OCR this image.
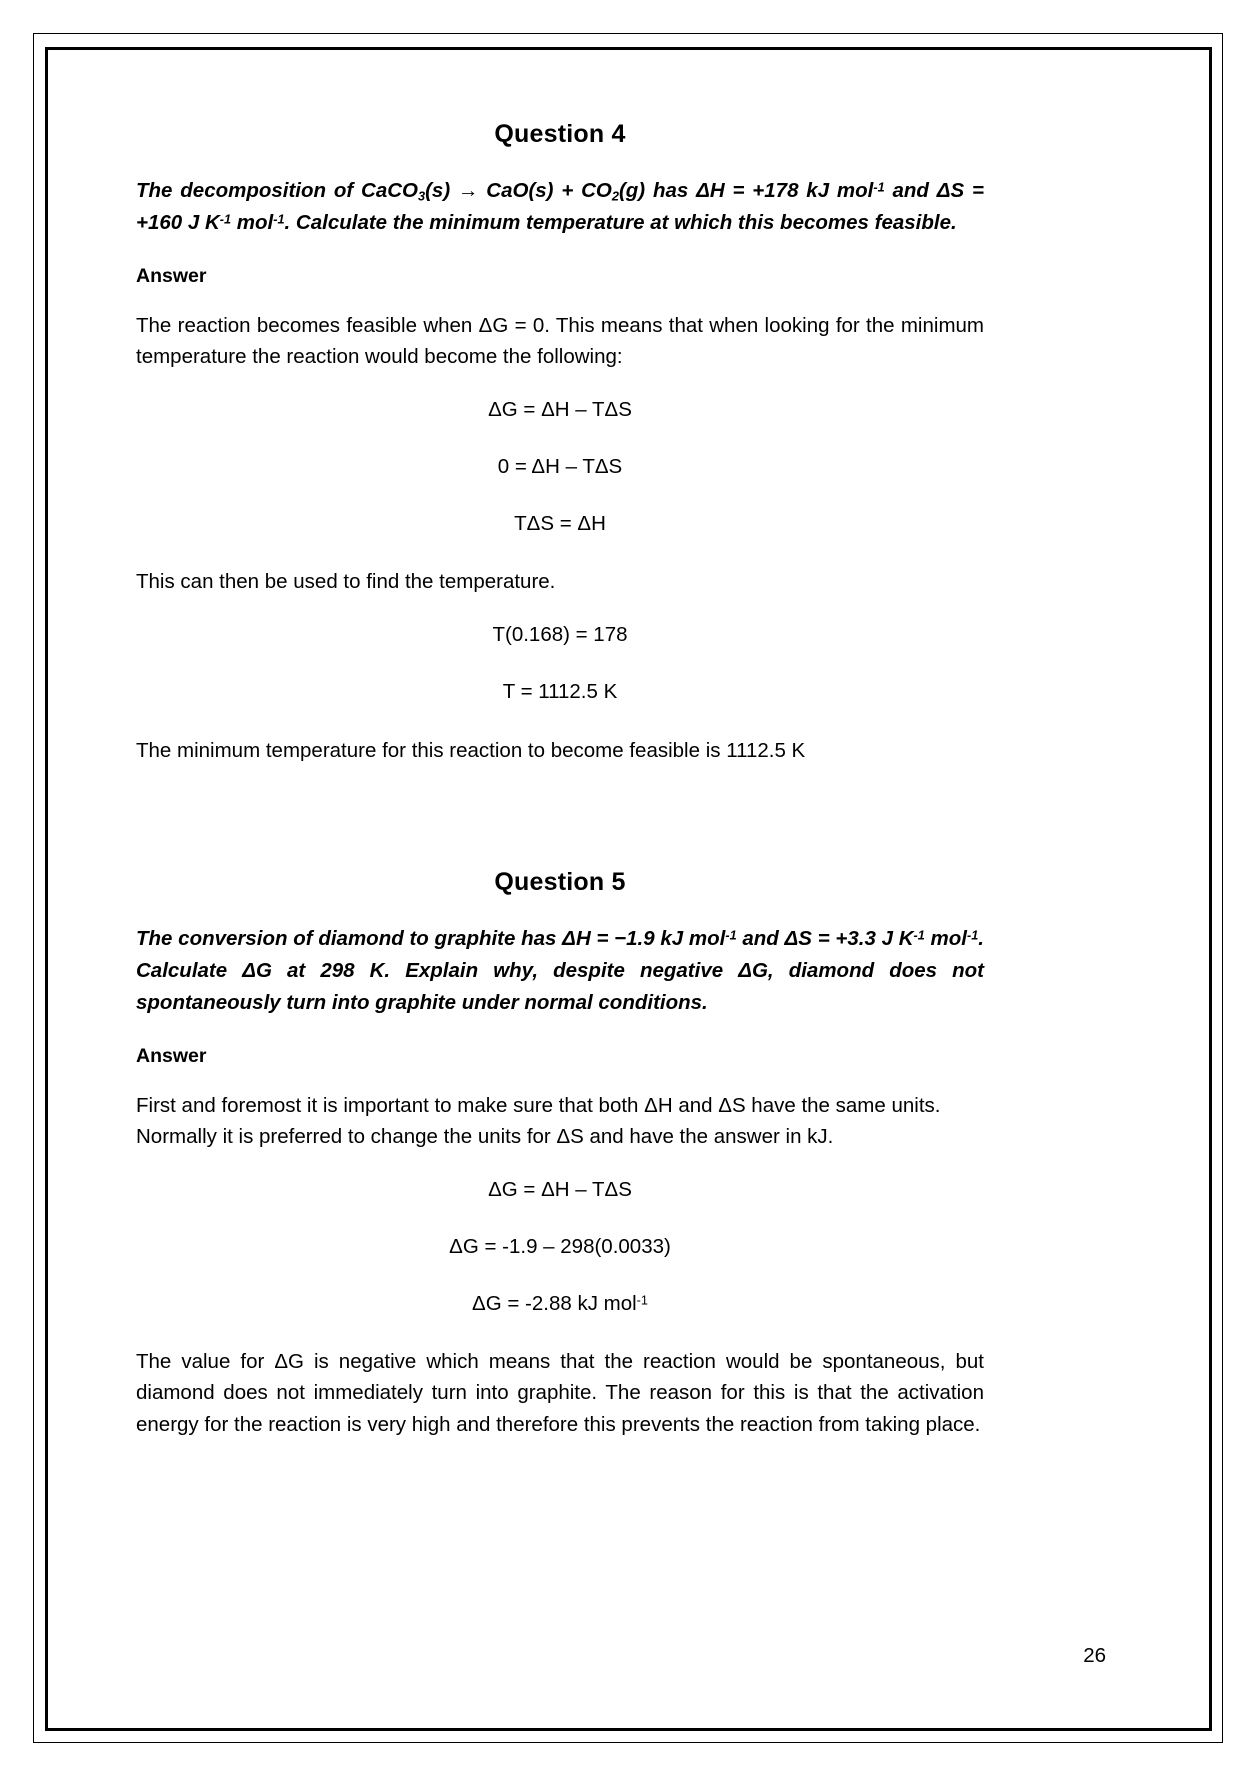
Question 4

The decomposition of CaCO$_3$(s) → $CaO(s) + CO_2(g)$ has ΔH = +178 kJ mol$^{-1}$ and ΔS = +160 J $K^{-1}$ mol$^{-1}$. Calculate the minimum temperature at which this becomes feasible.

Answer

The reaction becomes feasible when ΔG = 0. This means that when looking for the minimum temperature the reaction would become the following:

ΔG = ΔH – TΔS

0 = ΔH – TΔS

TΔS = ΔH

This can then be used to find the temperature.

T(0.168) = 178

T = 1112.5 K

The minimum temperature for this reaction to become feasible is 1112.5 K

Question 5

The conversion of diamond to graphite has ΔH = −1.9 kJ mol$^{-1}$ and ΔS = +3.3 J $K^{-1}$ mol$^{-1}$. Calculate ΔG at 298 K. Explain why, despite negative ΔG, diamond does not spontaneously turn into graphite under normal conditions.

Answer

First and foremost it is important to make sure that both ΔH and ΔS have the same units. Normally it is preferred to change the units for ΔS and have the answer in kJ.

ΔG = ΔH – TΔS

ΔG = -1.9 – 298(0.0033)

ΔG = -2.88 kJ mol$^{-1}$

The value for ΔG is negative which means that the reaction would be spontaneous, but diamond does not immediately turn into graphite. The reason for this is that the activation energy for the reaction is very high and therefore this prevents the reaction from taking place.

26
